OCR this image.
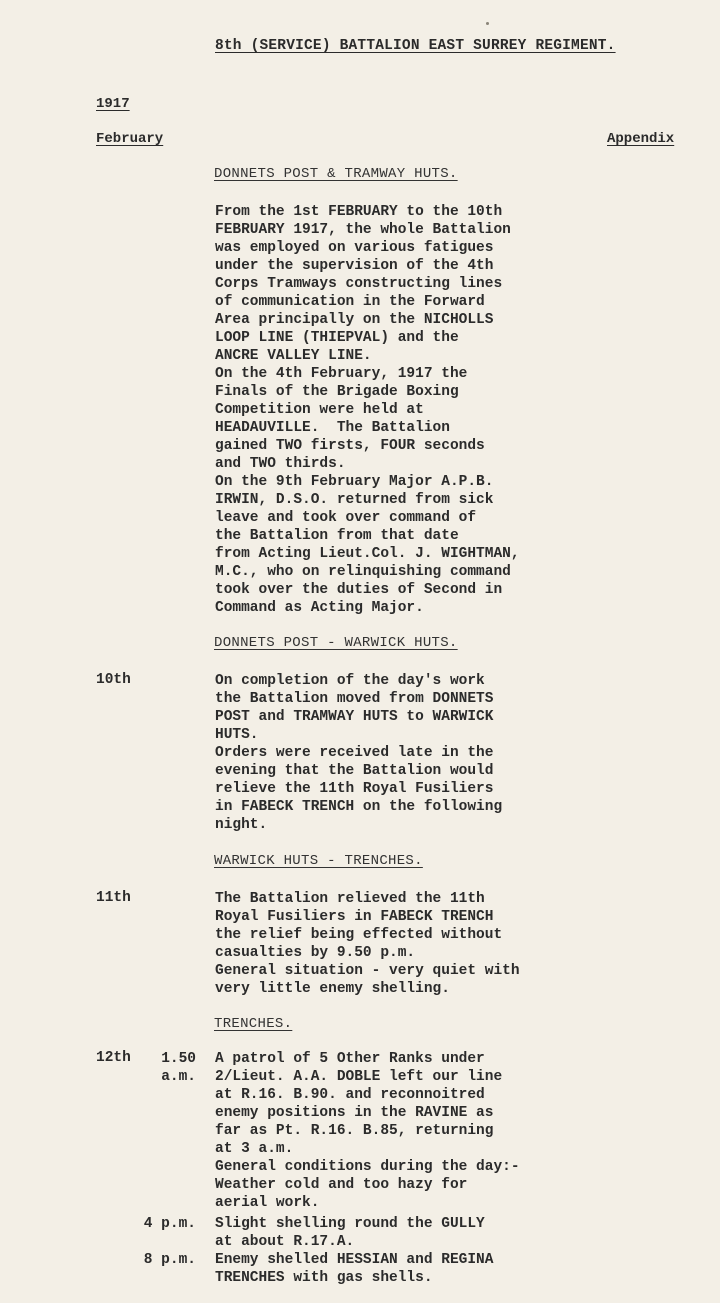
8th (SERVICE) BATTALION EAST SURREY REGIMENT.
1917
February	Appendix
DONNETS POST & TRAMWAY HUTS.
From the 1st FEBRUARY to the 10th
FEBRUARY 1917, the whole Battalion
was employed on various fatigues
under the supervision of the 4th
Corps Tramways constructing lines
of communication in the Forward
Area principally on the NICHOLLS
LOOP LINE (THIEPVAL) and the
ANCRE VALLEY LINE.
On the 4th February, 1917 the
Finals of the Brigade Boxing
Competition were held at
HEADAUVILLE.  The Battalion
gained TWO firsts, FOUR seconds
and TWO thirds.
On the 9th February Major A.P.B.
IRWIN, D.S.O. returned from sick
leave and took over command of
the Battalion from that date
from Acting Lieut.Col. J. WIGHTMAN,
M.C., who on relinquishing command
took over the duties of Second in
Command as Acting Major.
DONNETS POST - WARWICK HUTS.
10th	On completion of the day's work
the Battalion moved from DONNETS
POST and TRAMWAY HUTS to WARWICK
HUTS.
Orders were received late in the
evening that the Battalion would
relieve the 11th Royal Fusiliers
in FABECK TRENCH on the following
night.
WARWICK HUTS - TRENCHES.
11th	The Battalion relieved the 11th
Royal Fusiliers in FABECK TRENCH
the relief being effected without
casualties by 9.50 p.m.
General situation - very quiet with
very little enemy shelling.
TRENCHES.
12th	1.50
a.m.
A patrol of 5 Other Ranks under
2/Lieut. A.A. DOBLE left our line
at R.16. B.90. and reconnoitred
enemy positions in the RAVINE as
far as Pt. R.16. B.85, returning
at 3 a.m.
General conditions during the day:-
Weather cold and too hazy for
aerial work.
4 p.m. Slight shelling round the GULLY
at about R.17.A.
8 p.m. Enemy shelled HESSIAN and REGINA
TRENCHES with gas shells.
